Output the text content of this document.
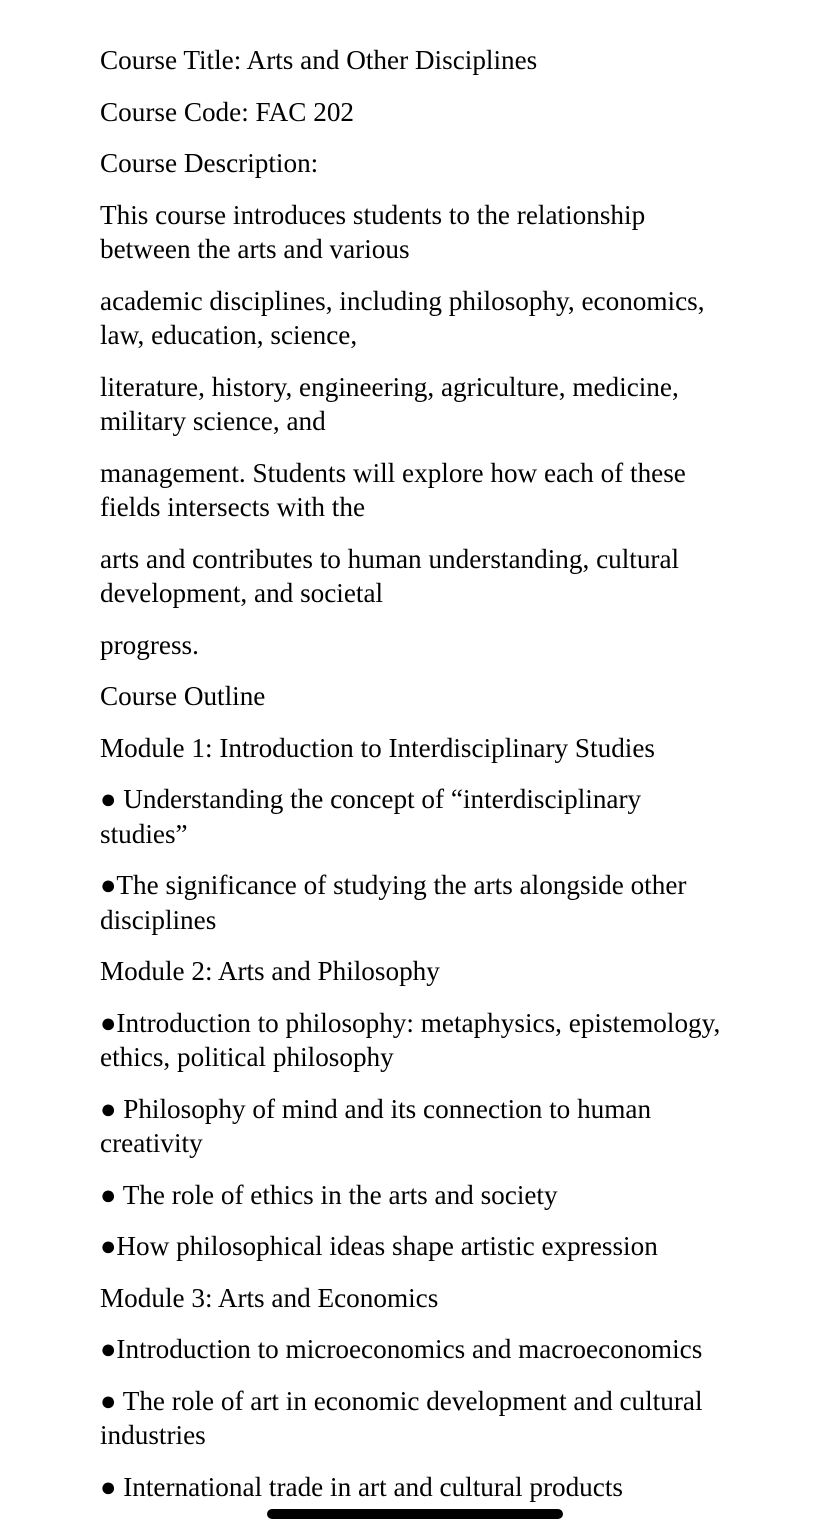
Course Title: Arts and Other Disciplines

Course Code: FAC 202

Course Description:

This course introduces students to the relationship between the arts and various

academic disciplines, including philosophy, economics, law, education, science,

literature, history, engineering, agriculture, medicine, military science, and

management. Students will explore how each of these fields intersects with the

arts and contributes to human understanding, cultural development, and societal

progress.

Course Outline

Module 1: Introduction to Interdisciplinary Studies

● Understanding the concept of “interdisciplinary studies”

●The significance of studying the arts alongside other disciplines

Module 2: Arts and Philosophy

●Introduction to philosophy: metaphysics, epistemology, ethics, political philosophy

● Philosophy of mind and its connection to human creativity

● The role of ethics in the arts and society

●How philosophical ideas shape artistic expression

Module 3: Arts and Economics

●Introduction to microeconomics and macroeconomics

● The role of art in economic development and cultural industries

● International trade in art and cultural products
